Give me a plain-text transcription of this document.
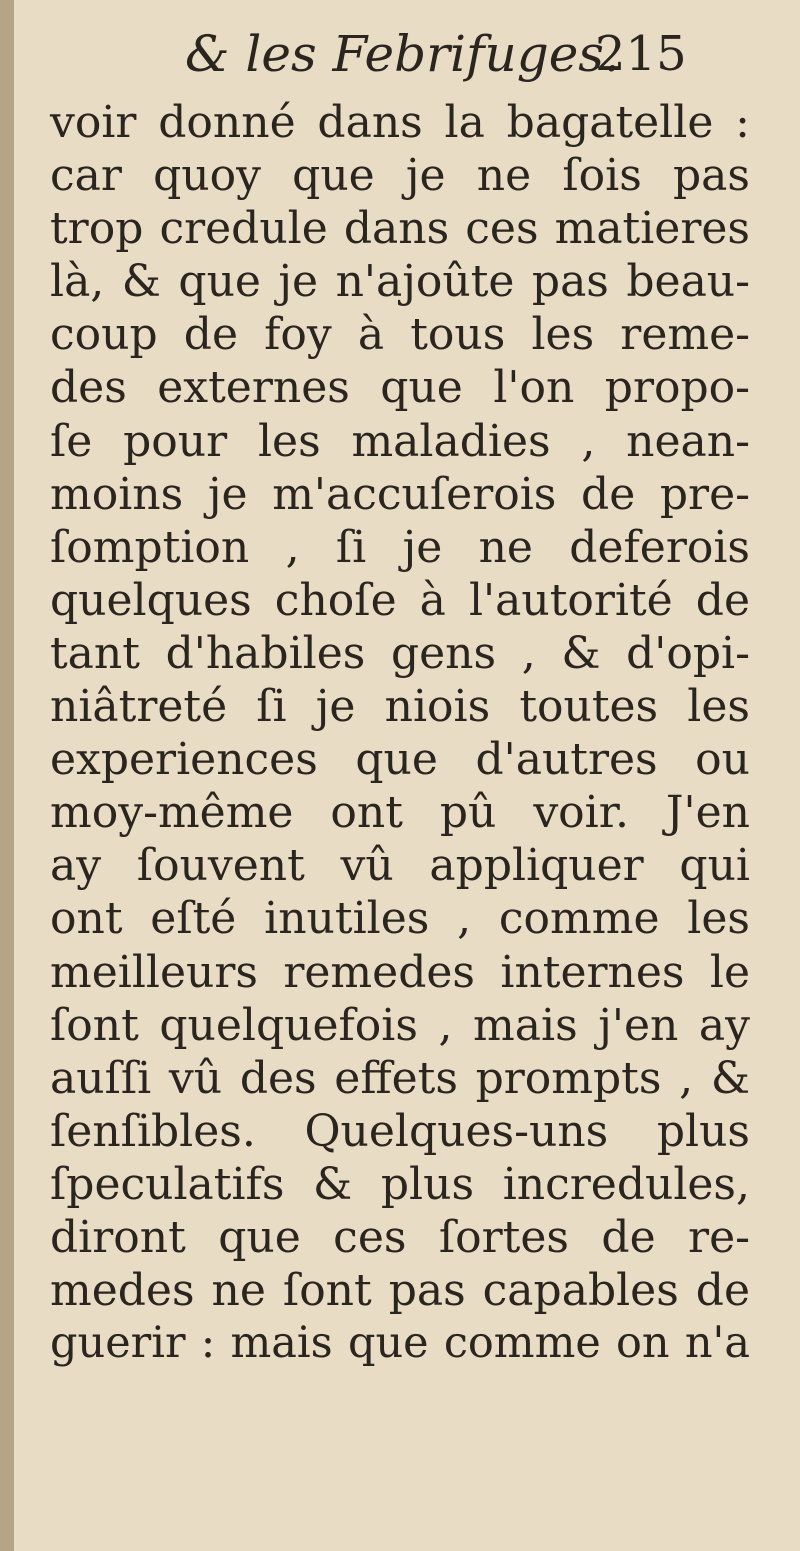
& les Febrifuges.
215
voir donné dans la bagatelle :
car quoy que je ne ſois pas
trop credule dans ces matieres
là, & que je n'ajoûte pas beau-
coup de foy à tous les reme-
des externes que l'on propo-
ſe pour les maladies , nean-
moins je m'accuſerois de pre-
ſomption , ſi je ne deferois
quelques choſe à l'autorité de
tant d'habiles gens , & d'opi-
niâtreté ſi je niois toutes les
experiences que d'autres ou
moy-même ont pû voir. J'en
ay ſouvent vû appliquer qui
ont eſté inutiles , comme les
meilleurs remedes internes le
ſont quelquefois , mais j'en ay
auſſi vû des effets prompts , &
ſenſibles. Quelques-uns plus
ſpeculatifs & plus incredules,
diront que ces ſortes de re-
medes ne ſont pas capables de
guerir : mais que comme on n'a
